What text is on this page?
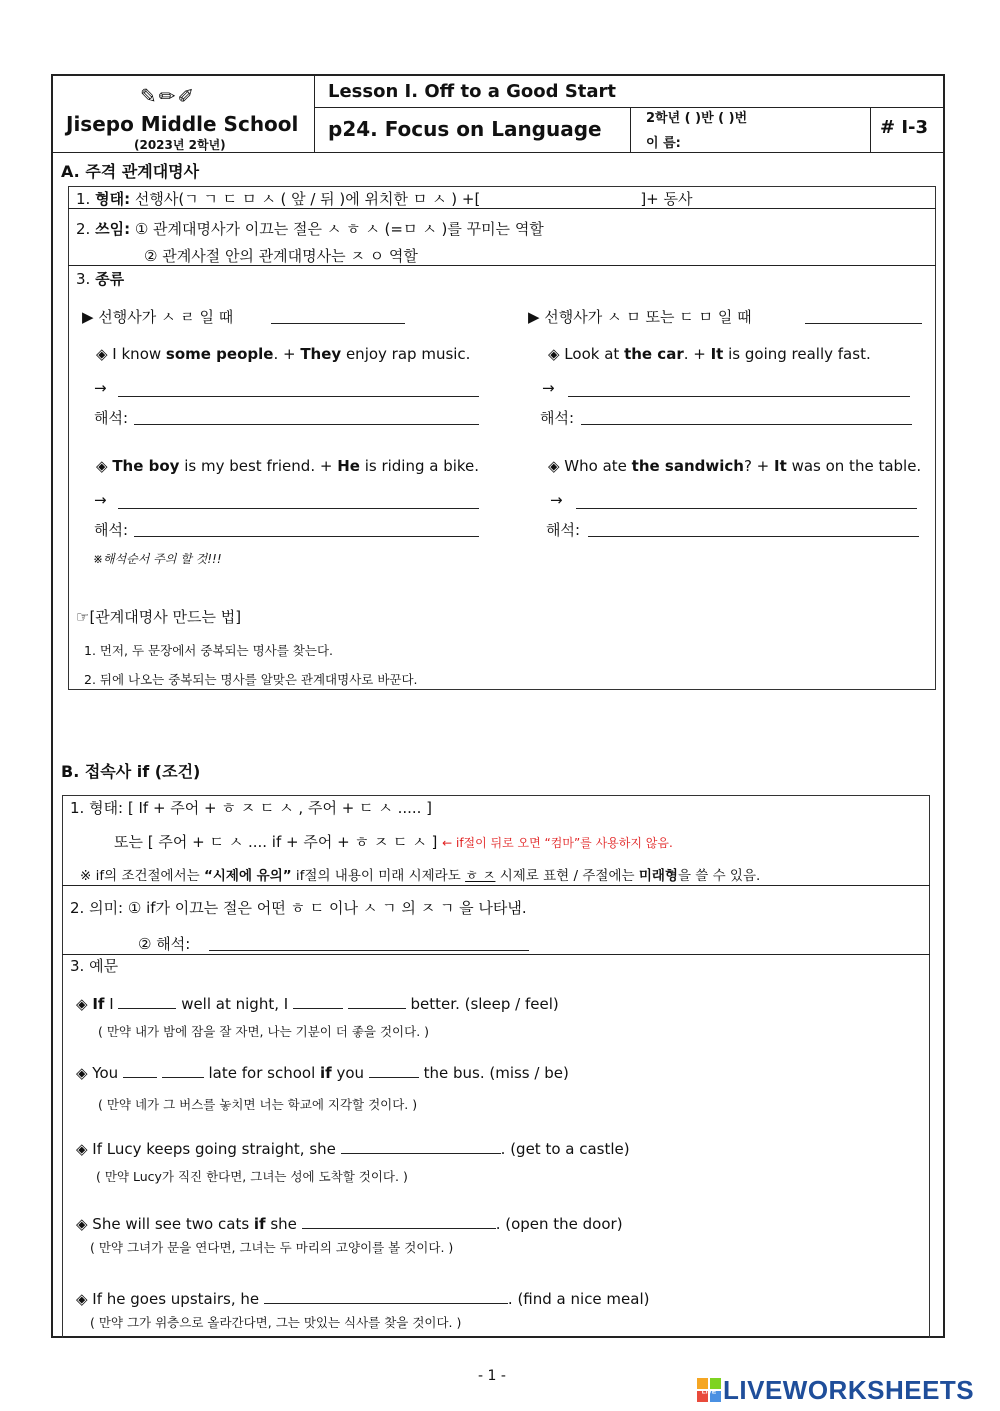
✎✏✐
Jisepo Middle School
(2023년 2학년)
Lesson I. Off to a Good Start
p24. Focus on Language	2학년 ( )반 ( )번
이 름:
# I-3
A. 주격 관계대명사
1. 형태: 선행사(ㄱ ㄱ ㄷ ㅁ ㅅ ( 앞 / 뒤 )에 위치한 ㅁ ㅅ ) +[	]+ 동사
2. 쓰임: ① 관계대명사가 이끄는 절은 ㅅ ㅎ ㅅ (=ㅁ ㅅ )를 꾸미는 역할
② 관계사절 안의 관계대명사는 ㅈ ㅇ 역할
3. 종류
▶ 선행사가 ㅅ ㄹ 일 때
◈ I know some people. + They enjoy rap music.
→
해석:
◈ The boy is my best friend. + He is riding a bike.
→
해석:
※해석순서 주의 할 것!!!
▶ 선행사가 ㅅ ㅁ 또는 ㄷ ㅁ 일 때
◈ Look at the car. + It is going really fast.
→
해석:
◈ Who ate the sandwich? + It was on the table.
→
해석:
☞[관계대명사 만드는 법]
1. 먼저, 두 문장에서 중복되는 명사를 찾는다.
2. 뒤에 나오는 중복되는 명사를 알맞은 관계대명사로 바꾼다.
B. 접속사 if (조건)
1. 형태: [ If + 주어 + ㅎ ㅈ ㄷ ㅅ , 주어 + ㄷ ㅅ ..... ]
또는 [ 주어 + ㄷ ㅅ .... if + 주어 + ㅎ ㅈ ㄷ ㅅ ] ← if절이 뒤로 오면 “컴마”를 사용하지 않음.
※ if의 조건절에서는 “시제에 유의” if절의 내용이 미래 시제라도 ㅎ ㅈ 시제로 표현 / 주절에는 미래형을 쓸 수 있음.
2. 의미: ① if가 이끄는 절은 어떤 ㅎ ㄷ 이나 ㅅ ㄱ 의 ㅈ ㄱ 을 나타냄.
② 해석:
3. 예문
◈ If I	well at night, I	better. (sleep / feel)
( 만약 내가 밤에 잠을 잘 자면, 나는 기분이 더 좋을 것이다. )
◈ You	late for school if you	the bus. (miss / be)
( 만약 네가 그 버스를 놓치면 너는 학교에 지각할 것이다. )
◈ If Lucy keeps going straight, she	. (get to a castle)
( 만약 Lucy가 직진 한다면, 그녀는 성에 도착할 것이다. )
◈ She will see two cats if she	. (open the door)
( 만약 그녀가 문을 연다면, 그녀는 두 마리의 고양이를 볼 것이다. )
◈ If he goes upstairs, he	. (find a nice meal)
( 만약 그가 위층으로 올라간다면, 그는 맛있는 식사를 찾을 것이다. )
- 1 -
LIVE LIVEWORKSHEETS
